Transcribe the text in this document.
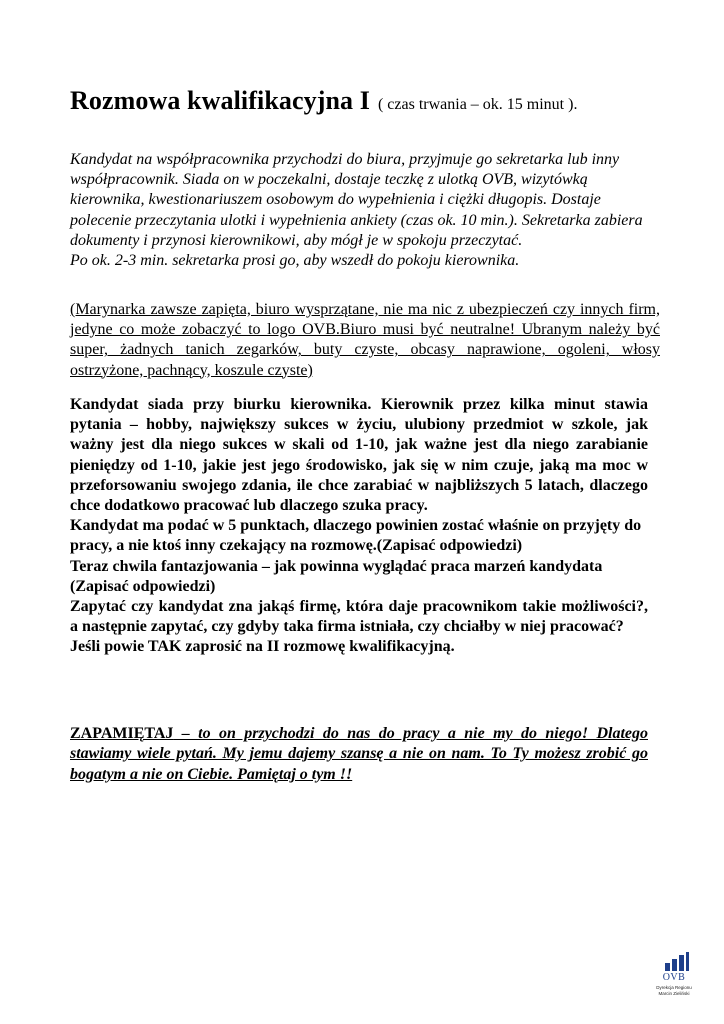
Rozmowa kwalifikacyjna I ( czas trwania – ok. 15 minut ).

Kandydat na współpracownika przychodzi do biura, przyjmuje go sekretarka lub inny współpracownik. Siada on w poczekalni, dostaje teczkę z ulotką OVB, wizytówką kierownika, kwestionariuszem osobowym do wypełnienia i ciężki długopis. Dostaje polecenie przeczytania ulotki i wypełnienia ankiety (czas ok. 10 min.). Sekretarka zabiera dokumenty i przynosi kierownikowi, aby mógł je w spokoju przeczytać.

Po ok. 2-3 min. sekretarka prosi go, aby wszedł do pokoju kierownika.

(Marynarka zawsze zapięta, biuro wysprzątane, nie ma nic z ubezpieczeń czy innych firm, jedyne co może zobaczyć to logo OVB.Biuro musi być neutralne! Ubranym należy być super, żadnych tanich zegarków, buty czyste, obcasy naprawione, ogoleni, włosy ostrzyżone, pachnący, koszule czyste)

Kandydat siada przy biurku kierownika. Kierownik przez kilka minut stawia pytania – hobby, największy sukces w życiu, ulubiony przedmiot w szkole, jak ważny jest dla niego sukces w skali od 1-10, jak ważne jest dla niego zarabianie pieniędzy od 1-10, jakie jest jego środowisko, jak się w nim czuje, jaką ma moc w przeforsowaniu swojego zdania, ile chce zarabiać w najbliższych 5 latach, dlaczego chce dodatkowo pracować lub dlaczego szuka pracy.

Kandydat ma podać w 5 punktach, dlaczego powinien zostać właśnie on przyjęty do pracy, a nie ktoś inny czekający na rozmowę.(Zapisać odpowiedzi)

Teraz chwila fantazjowania – jak powinna wyglądać praca marzeń kandydata (Zapisać odpowiedzi)

Zapytać czy kandydat zna jakąś firmę, która daje pracownikom takie możliwości?, a następnie zapytać, czy gdyby taka firma istniała, czy chciałby w niej pracować?

Jeśli powie TAK zaprosić na II rozmowę kwalifikacyjną.

ZAPAMIĘTAJ – to on przychodzi do nas do pracy a nie my do niego! Dlatego stawiamy wiele pytań. My jemu dajemy szansę a nie on nam. To Ty możesz zrobić go bogatym a nie on Ciebie. Pamiętaj o tym !!
OVB
Dyrekcja Regionu
Marcin Zieliński
